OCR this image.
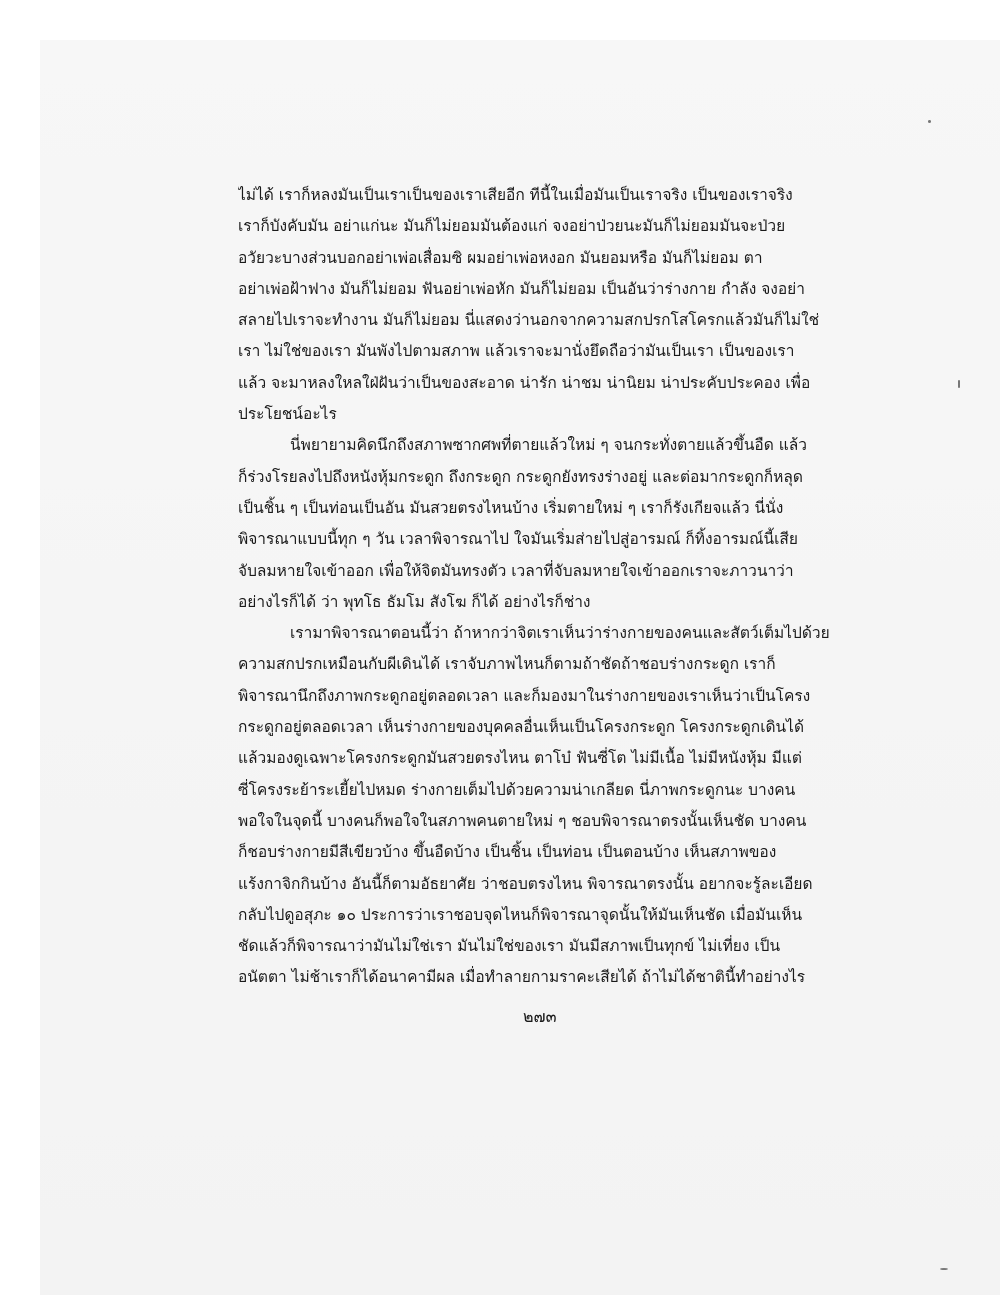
ไม่ได้ เราก็หลงมันเป็นเราเป็นของเราเสียอีก ทีนี้ในเมื่อมันเป็นเราจริง เป็นของเราจริง
เราก็บังคับมัน อย่าแก่นะ มันก็ไม่ยอมมันต้องแก่ จงอย่าป่วยนะมันก็ไม่ยอมมันจะป่วย
อวัยวะบางส่วนบอกอย่าเพ่อเสื่อมซิ ผมอย่าเพ่อหงอก มันยอมหรือ มันก็ไม่ยอม ตา
อย่าเพ่อฝ้าฟาง มันก็ไม่ยอม ฟันอย่าเพ่อหัก มันก็ไม่ยอม เป็นอันว่าร่างกาย กำลัง จงอย่า
สลายไปเราจะทำงาน มันก็ไม่ยอม นี่แสดงว่านอกจากความสกปรกโสโครกแล้วมันก็ไม่ใช่
เรา ไม่ใช่ของเรา มันพังไปตามสภาพ แล้วเราจะมานั่งยึดถือว่ามันเป็นเรา เป็นของเรา
แล้ว จะมาหลงใหลใฝ่ฝันว่าเป็นของสะอาด น่ารัก น่าชม น่านิยม น่าประคับประคอง เพื่อ
ประโยชน์อะไร
นี่พยายามคิดนึกถึงสภาพซากศพที่ตายแล้วใหม่ ๆ จนกระทั่งตายแล้วขึ้นอืด แล้ว
ก็ร่วงโรยลงไปถึงหนังหุ้มกระดูก ถึงกระดูก กระดูกยังทรงร่างอยู่ และต่อมากระดูกก็หลุด
เป็นชิ้น ๆ เป็นท่อนเป็นอัน มันสวยตรงไหนบ้าง เริ่มตายใหม่ ๆ เราก็รังเกียจแล้ว นี่นั่ง
พิจารณาแบบนี้ทุก ๆ วัน เวลาพิจารณาไป ใจมันเริ่มส่ายไปสู่อารมณ์ ก็ทิ้งอารมณ์นี้เสีย
จับลมหายใจเข้าออก เพื่อให้จิตมันทรงตัว เวลาที่จับลมหายใจเข้าออกเราจะภาวนาว่า
อย่างไรก็ได้ ว่า พุทโธ ธัมโม สังโฆ ก็ได้ อย่างไรก็ช่าง
เรามาพิจารณาตอนนี้ว่า ถ้าหากว่าจิตเราเห็นว่าร่างกายของคนและสัตว์เต็มไปด้วย
ความสกปรกเหมือนกับผีเดินได้ เราจับภาพไหนก็ตามถ้าชัดถ้าชอบร่างกระดูก เราก็
พิจารณานึกถึงภาพกระดูกอยู่ตลอดเวลา และก็มองมาในร่างกายของเราเห็นว่าเป็นโครง
กระดูกอยู่ตลอดเวลา เห็นร่างกายของบุคคลอื่นเห็นเป็นโครงกระดูก โครงกระดูกเดินได้
แล้วมองดูเฉพาะโครงกระดูกมันสวยตรงไหน ตาโบ๋ ฟันซี่โต ไม่มีเนื้อ ไม่มีหนังหุ้ม มีแต่
ซี่โครงระย้าระเยี้ยไปหมด ร่างกายเต็มไปด้วยความน่าเกลียด นี่ภาพกระดูกนะ บางคน
พอใจในจุดนี้ บางคนก็พอใจในสภาพคนตายใหม่ ๆ ชอบพิจารณาตรงนั้นเห็นชัด บางคน
ก็ชอบร่างกายมีสีเขียวบ้าง ขึ้นอืดบ้าง เป็นชิ้น เป็นท่อน เป็นตอนบ้าง เห็นสภาพของ
แร้งกาจิกกินบ้าง อันนี้ก็ตามอัธยาศัย ว่าชอบตรงไหน พิจารณาตรงนั้น อยากจะรู้ละเอียด
กลับไปดูอสุภะ ๑๐ ประการว่าเราชอบจุดไหนก็พิจารณาจุดนั้นให้มันเห็นชัด เมื่อมันเห็น
ชัดแล้วก็พิจารณาว่ามันไม่ใช่เรา มันไม่ใช่ของเรา มันมีสภาพเป็นทุกข์ ไม่เที่ยง เป็น
อนัตตา ไม่ช้าเราก็ได้อนาคามีผล เมื่อทำลายกามราคะเสียได้ ถ้าไม่ได้ชาตินี้ทำอย่างไร
๒๗๓
